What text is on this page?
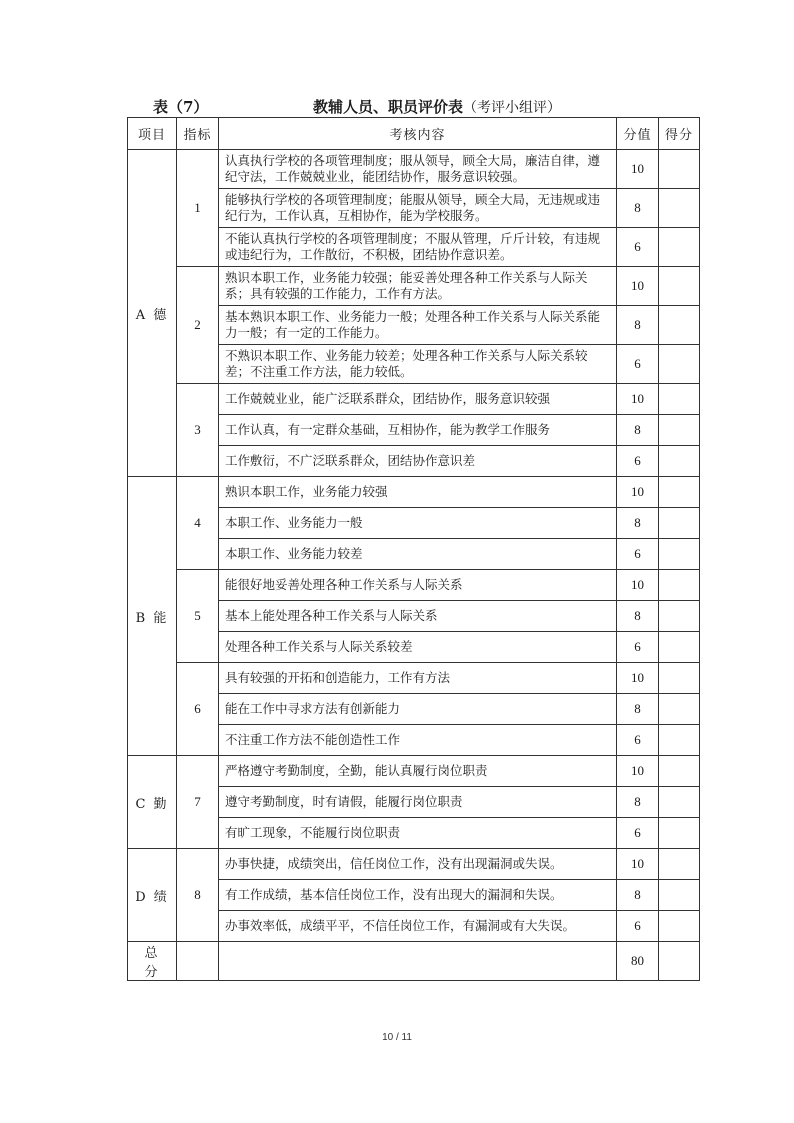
表（7）	教辅人员、职员评价表（考评小组评）
项目	指标	考核内容	分值	得分
A 德	1	认真执行学校的各项管理制度；服从领导，顾全大局，廉洁自律，遵纪守法，工作兢兢业业，能团结协作，服务意识较强。	10	
		能够执行学校的各项管理制度；能服从领导，顾全大局，无违规或违纪行为，工作认真，互相协作，能为学校服务。	8	
		不能认真执行学校的各项管理制度；不服从管理，斤斤计较，有违规或违纪行为，工作散衍，不积极，团结协作意识差。	6	
	2	熟识本职工作，业务能力较强；能妥善处理各种工作关系与人际关系；具有较强的工作能力，工作有方法。	10	
		基本熟识本职工作、业务能力一般；处理各种工作关系与人际关系能力一般；有一定的工作能力。	8	
		不熟识本职工作、业务能力较差；处理各种工作关系与人际关系较差；不注重工作方法，能力较低。	6	
	3	工作兢兢业业，能广泛联系群众，团结协作，服务意识较强	10	
		工作认真，有一定群众基础，互相协作，能为教学工作服务	8	
		工作敷衍，不广泛联系群众，团结协作意识差	6	
B 能	4	熟识本职工作，业务能力较强	10	
		本职工作、业务能力一般	8	
		本职工作、业务能力较差	6	
	5	能很好地妥善处理各种工作关系与人际关系	10	
		基本上能处理各种工作关系与人际关系	8	
		处理各种工作关系与人际关系较差	6	
	6	具有较强的开拓和创造能力，工作有方法	10	
		能在工作中寻求方法有创新能力	8	
		不注重工作方法不能创造性工作	6	
C 勤	7	严格遵守考勤制度，全勤，能认真履行岗位职责	10	
		遵守考勤制度，时有请假，能履行岗位职责	8	
		有旷工现象，不能履行岗位职责	6	
D 绩	8	办事快捷，成绩突出，信任岗位工作，没有出现漏洞或失误。	10	
		有工作成绩，基本信任岗位工作，没有出现大的漏洞和失误。	8	
		办事效率低，成绩平平，不信任岗位工作，有漏洞或有大失误。	6	
总 分			80	
10 / 11
